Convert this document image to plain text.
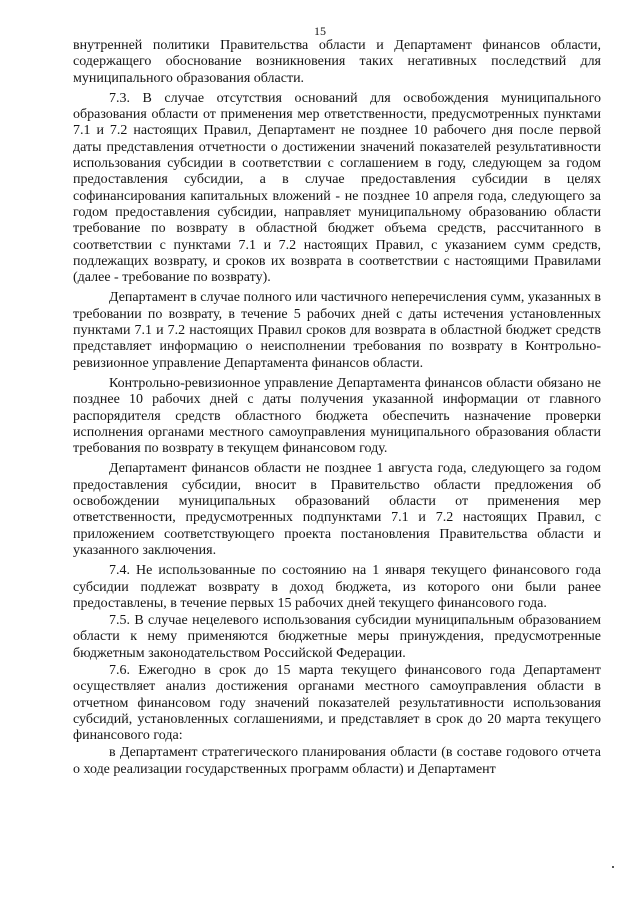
15

внутренней политики Правительства области и Департамент финансов области, содержащего обоснование возникновения таких негативных последствий для муниципального образования области.

7.3. В случае отсутствия оснований для освобождения муниципального образования области от применения мер ответственности, предусмотренных пунктами 7.1 и 7.2 настоящих Правил, Департамент не позднее 10 рабочего дня после первой даты представления отчетности о достижении значений показателей результативности использования субсидии в соответствии с соглашением в году, следующем за годом предоставления субсидии, а в случае предоставления субсидии в целях софинансирования капитальных вложений - не позднее 10 апреля года, следующего за годом предоставления субсидии, направляет муниципальному образованию области требование по возврату в областной бюджет объема средств, рассчитанного в соответствии с пунктами 7.1 и 7.2 настоящих Правил, с указанием сумм средств, подлежащих возврату, и сроков их возврата в соответствии с настоящими Правилами (далее - требование по возврату).

Департамент в случае полного или частичного неперечисления сумм, указанных в требовании по возврату, в течение 5 рабочих дней с даты истечения установленных пунктами 7.1 и 7.2 настоящих Правил сроков для возврата в областной бюджет средств представляет информацию о неисполнении требования по возврату в Контрольно-ревизионное управление Департамента финансов области.

Контрольно-ревизионное управление Департамента финансов области обязано не позднее 10 рабочих дней с даты получения указанной информации от главного распорядителя средств областного бюджета обеспечить назначение проверки исполнения органами местного самоуправления муниципального образования области требования по возврату в текущем финансовом году.

Департамент финансов области не позднее 1 августа года, следующего за годом предоставления субсидии, вносит в Правительство области предложения об освобождении муниципальных образований области от применения мер ответственности, предусмотренных подпунктами 7.1 и 7.2 настоящих Правил, с приложением соответствующего проекта постановления Правительства области и указанного заключения.

7.4. Не использованные по состоянию на 1 января текущего финансового года субсидии подлежат возврату в доход бюджета, из которого они были ранее предоставлены, в течение первых 15 рабочих дней текущего финансового года.

7.5. В случае нецелевого использования субсидии муниципальным образованием области к нему применяются бюджетные меры принуждения, предусмотренные бюджетным законодательством Российской Федерации.

7.6. Ежегодно в срок до 15 марта текущего финансового года Департамент осуществляет анализ достижения органами местного самоуправления области в отчетном финансовом году значений показателей результативности использования субсидий, установленных соглашениями, и представляет в срок до 20 марта текущего финансового года:

в Департамент стратегического планирования области (в составе годового отчета о ходе реализации государственных программ области) и Департамент
